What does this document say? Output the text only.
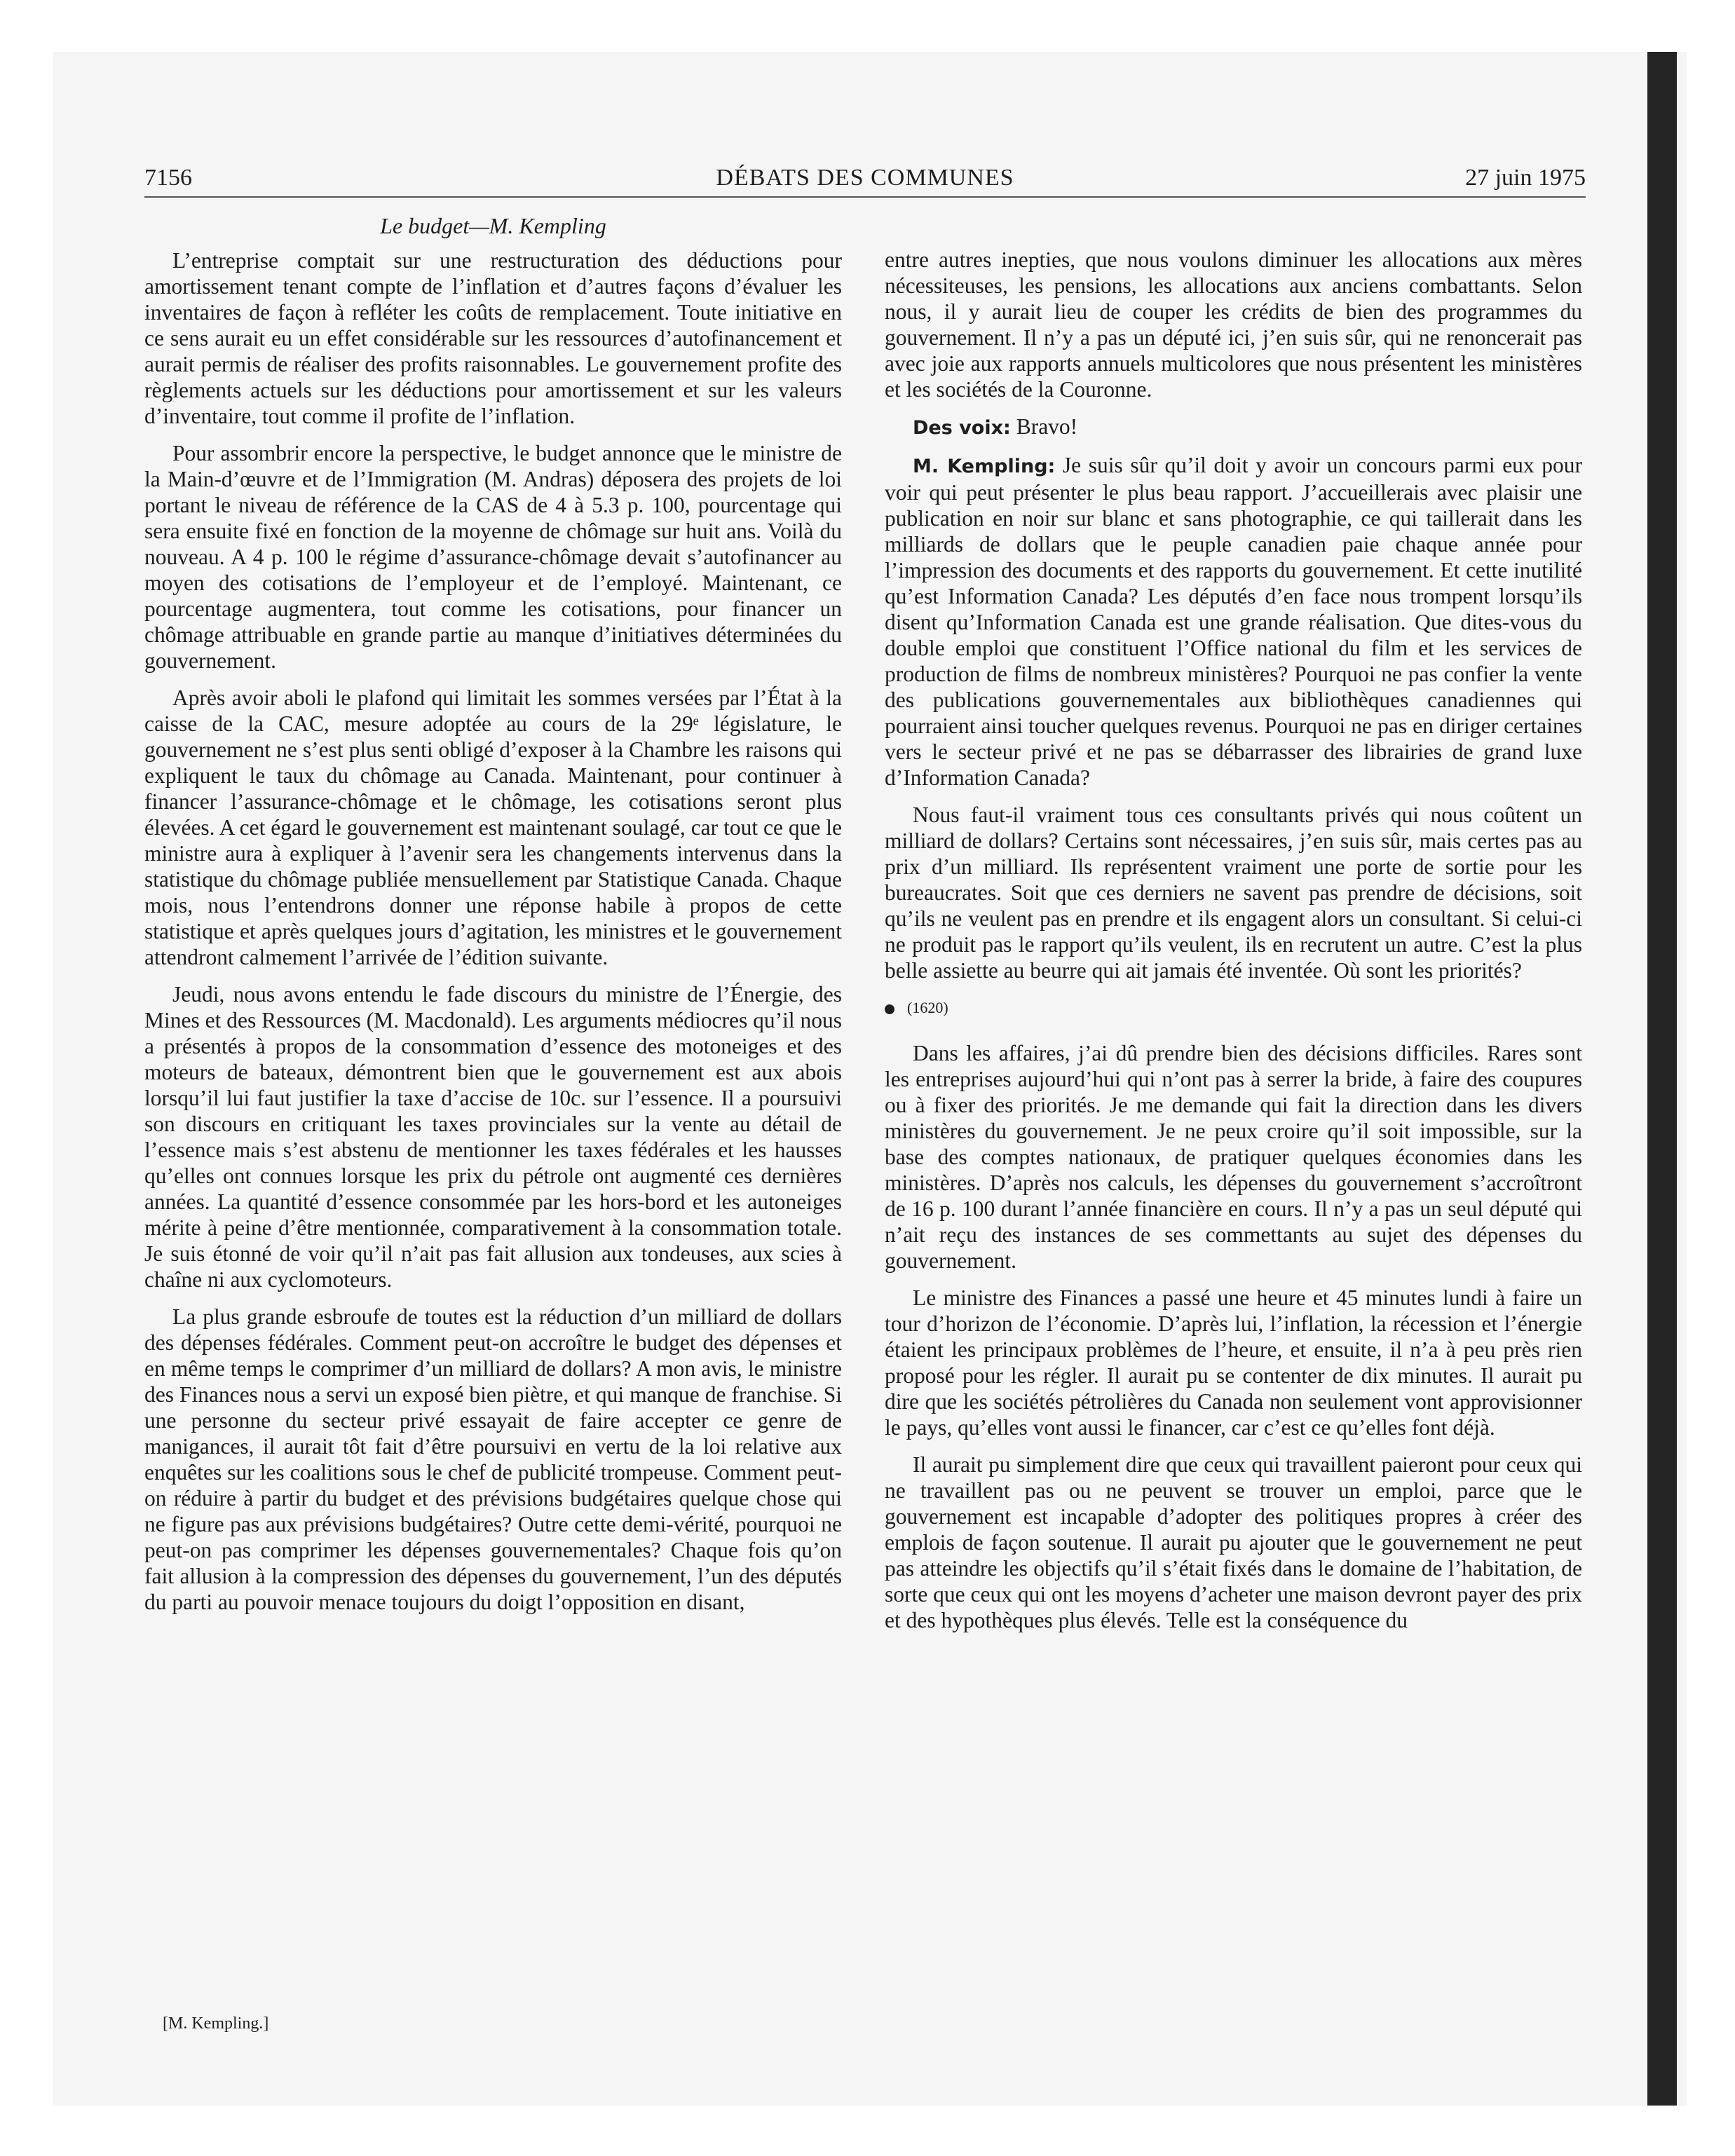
7156	DÉBATS DES COMMUNES	27 juin 1975

Le budget—M. Kempling

L’entreprise comptait sur une restructuration des déductions pour amortissement tenant compte de l’inflation et d’autres façons d’évaluer les inventaires de façon à refléter les coûts de remplacement. Toute initiative en ce sens aurait eu un effet considérable sur les ressources d’autofinancement et aurait permis de réaliser des profits raisonnables. Le gouvernement profite des règlements actuels sur les déductions pour amortissement et sur les valeurs d’inventaire, tout comme il profite de l’inflation.

Pour assombrir encore la perspective, le budget annonce que le ministre de la Main-d’œuvre et de l’Immigration (M. Andras) déposera des projets de loi portant le niveau de référence de la CAS de 4 à 5.3 p. 100, pourcentage qui sera ensuite fixé en fonction de la moyenne de chômage sur huit ans. Voilà du nouveau. A 4 p. 100 le régime d’assurance-chômage devait s’autofinancer au moyen des cotisations de l’employeur et de l’employé. Maintenant, ce pourcentage augmentera, tout comme les cotisations, pour financer un chômage attribuable en grande partie au manque d’initiatives déterminées du gouvernement.

Après avoir aboli le plafond qui limitait les sommes versées par l’État à la caisse de la CAC, mesure adoptée au cours de la 29ᵉ législature, le gouvernement ne s’est plus senti obligé d’exposer à la Chambre les raisons qui expliquent le taux du chômage au Canada. Maintenant, pour continuer à financer l’assurance-chômage et le chômage, les cotisations seront plus élevées. A cet égard le gouvernement est maintenant soulagé, car tout ce que le ministre aura à expliquer à l’avenir sera les changements intervenus dans la statistique du chômage publiée mensuellement par Statistique Canada. Chaque mois, nous l’entendrons donner une réponse habile à propos de cette statistique et après quelques jours d’agitation, les ministres et le gouvernement attendront calmement l’arrivée de l’édition suivante.

Jeudi, nous avons entendu le fade discours du ministre de l’Énergie, des Mines et des Ressources (M. Macdonald). Les arguments médiocres qu’il nous a présentés à propos de la consommation d’essence des motoneiges et des moteurs de bateaux, démontrent bien que le gouvernement est aux abois lorsqu’il lui faut justifier la taxe d’accise de 10c. sur l’essence. Il a poursuivi son discours en critiquant les taxes provinciales sur la vente au détail de l’essence mais s’est abstenu de mentionner les taxes fédérales et les hausses qu’elles ont connues lorsque les prix du pétrole ont augmenté ces dernières années. La quantité d’essence consommée par les hors-bord et les autoneiges mérite à peine d’être mentionnée, comparativement à la consommation totale. Je suis étonné de voir qu’il n’ait pas fait allusion aux tondeuses, aux scies à chaîne ni aux cyclomoteurs.

La plus grande esbroufe de toutes est la réduction d’un milliard de dollars des dépenses fédérales. Comment peut-on accroître le budget des dépenses et en même temps le comprimer d’un milliard de dollars? A mon avis, le ministre des Finances nous a servi un exposé bien piètre, et qui manque de franchise. Si une personne du secteur privé essayait de faire accepter ce genre de manigances, il aurait tôt fait d’être poursuivi en vertu de la loi relative aux enquêtes sur les coalitions sous le chef de publicité trompeuse. Comment peut-on réduire à partir du budget et des prévisions budgétaires quelque chose qui ne figure pas aux prévisions budgétaires? Outre cette demi-vérité, pourquoi ne peut-on pas comprimer les dépenses gouvernementales? Chaque fois qu’on fait allusion à la compression des dépenses du gouvernement, l’un des députés du parti au pouvoir menace toujours du doigt l’opposition en disant,

entre autres inepties, que nous voulons diminuer les allocations aux mères nécessiteuses, les pensions, les allocations aux anciens combattants. Selon nous, il y aurait lieu de couper les crédits de bien des programmes du gouvernement. Il n’y a pas un député ici, j’en suis sûr, qui ne renoncerait pas avec joie aux rapports annuels multicolores que nous présentent les ministères et les sociétés de la Couronne.

Des voix: Bravo!

M. Kempling: Je suis sûr qu’il doit y avoir un concours parmi eux pour voir qui peut présenter le plus beau rapport. J’accueillerais avec plaisir une publication en noir sur blanc et sans photographie, ce qui taillerait dans les milliards de dollars que le peuple canadien paie chaque année pour l’impression des documents et des rapports du gouvernement. Et cette inutilité qu’est Information Canada? Les députés d’en face nous trompent lorsqu’ils disent qu’Information Canada est une grande réalisation. Que dites-vous du double emploi que constituent l’Office national du film et les services de production de films de nombreux ministères? Pourquoi ne pas confier la vente des publications gouvernementales aux bibliothèques canadiennes qui pourraient ainsi toucher quelques revenus. Pourquoi ne pas en diriger certaines vers le secteur privé et ne pas se débarrasser des librairies de grand luxe d’Information Canada?

Nous faut-il vraiment tous ces consultants privés qui nous coûtent un milliard de dollars? Certains sont nécessaires, j’en suis sûr, mais certes pas au prix d’un milliard. Ils représentent vraiment une porte de sortie pour les bureaucrates. Soit que ces derniers ne savent pas prendre de décisions, soit qu’ils ne veulent pas en prendre et ils engagent alors un consultant. Si celui-ci ne produit pas le rapport qu’ils veulent, ils en recrutent un autre. C’est la plus belle assiette au beurre qui ait jamais été inventée. Où sont les priorités?

(1620)

Dans les affaires, j’ai dû prendre bien des décisions difficiles. Rares sont les entreprises aujourd’hui qui n’ont pas à serrer la bride, à faire des coupures ou à fixer des priorités. Je me demande qui fait la direction dans les divers ministères du gouvernement. Je ne peux croire qu’il soit impossible, sur la base des comptes nationaux, de pratiquer quelques économies dans les ministères. D’après nos calculs, les dépenses du gouvernement s’accroîtront de 16 p. 100 durant l’année financière en cours. Il n’y a pas un seul député qui n’ait reçu des instances de ses commettants au sujet des dépenses du gouvernement.

Le ministre des Finances a passé une heure et 45 minutes lundi à faire un tour d’horizon de l’économie. D’après lui, l’inflation, la récession et l’énergie étaient les principaux problèmes de l’heure, et ensuite, il n’a à peu près rien proposé pour les régler. Il aurait pu se contenter de dix minutes. Il aurait pu dire que les sociétés pétrolières du Canada non seulement vont approvisionner le pays, qu’elles vont aussi le financer, car c’est ce qu’elles font déjà.

Il aurait pu simplement dire que ceux qui travaillent paieront pour ceux qui ne travaillent pas ou ne peuvent se trouver un emploi, parce que le gouvernement est incapable d’adopter des politiques propres à créer des emplois de façon soutenue. Il aurait pu ajouter que le gouvernement ne peut pas atteindre les objectifs qu’il s’était fixés dans le domaine de l’habitation, de sorte que ceux qui ont les moyens d’acheter une maison devront payer des prix et des hypothèques plus élevés. Telle est la conséquence du

[M. Kempling.]
